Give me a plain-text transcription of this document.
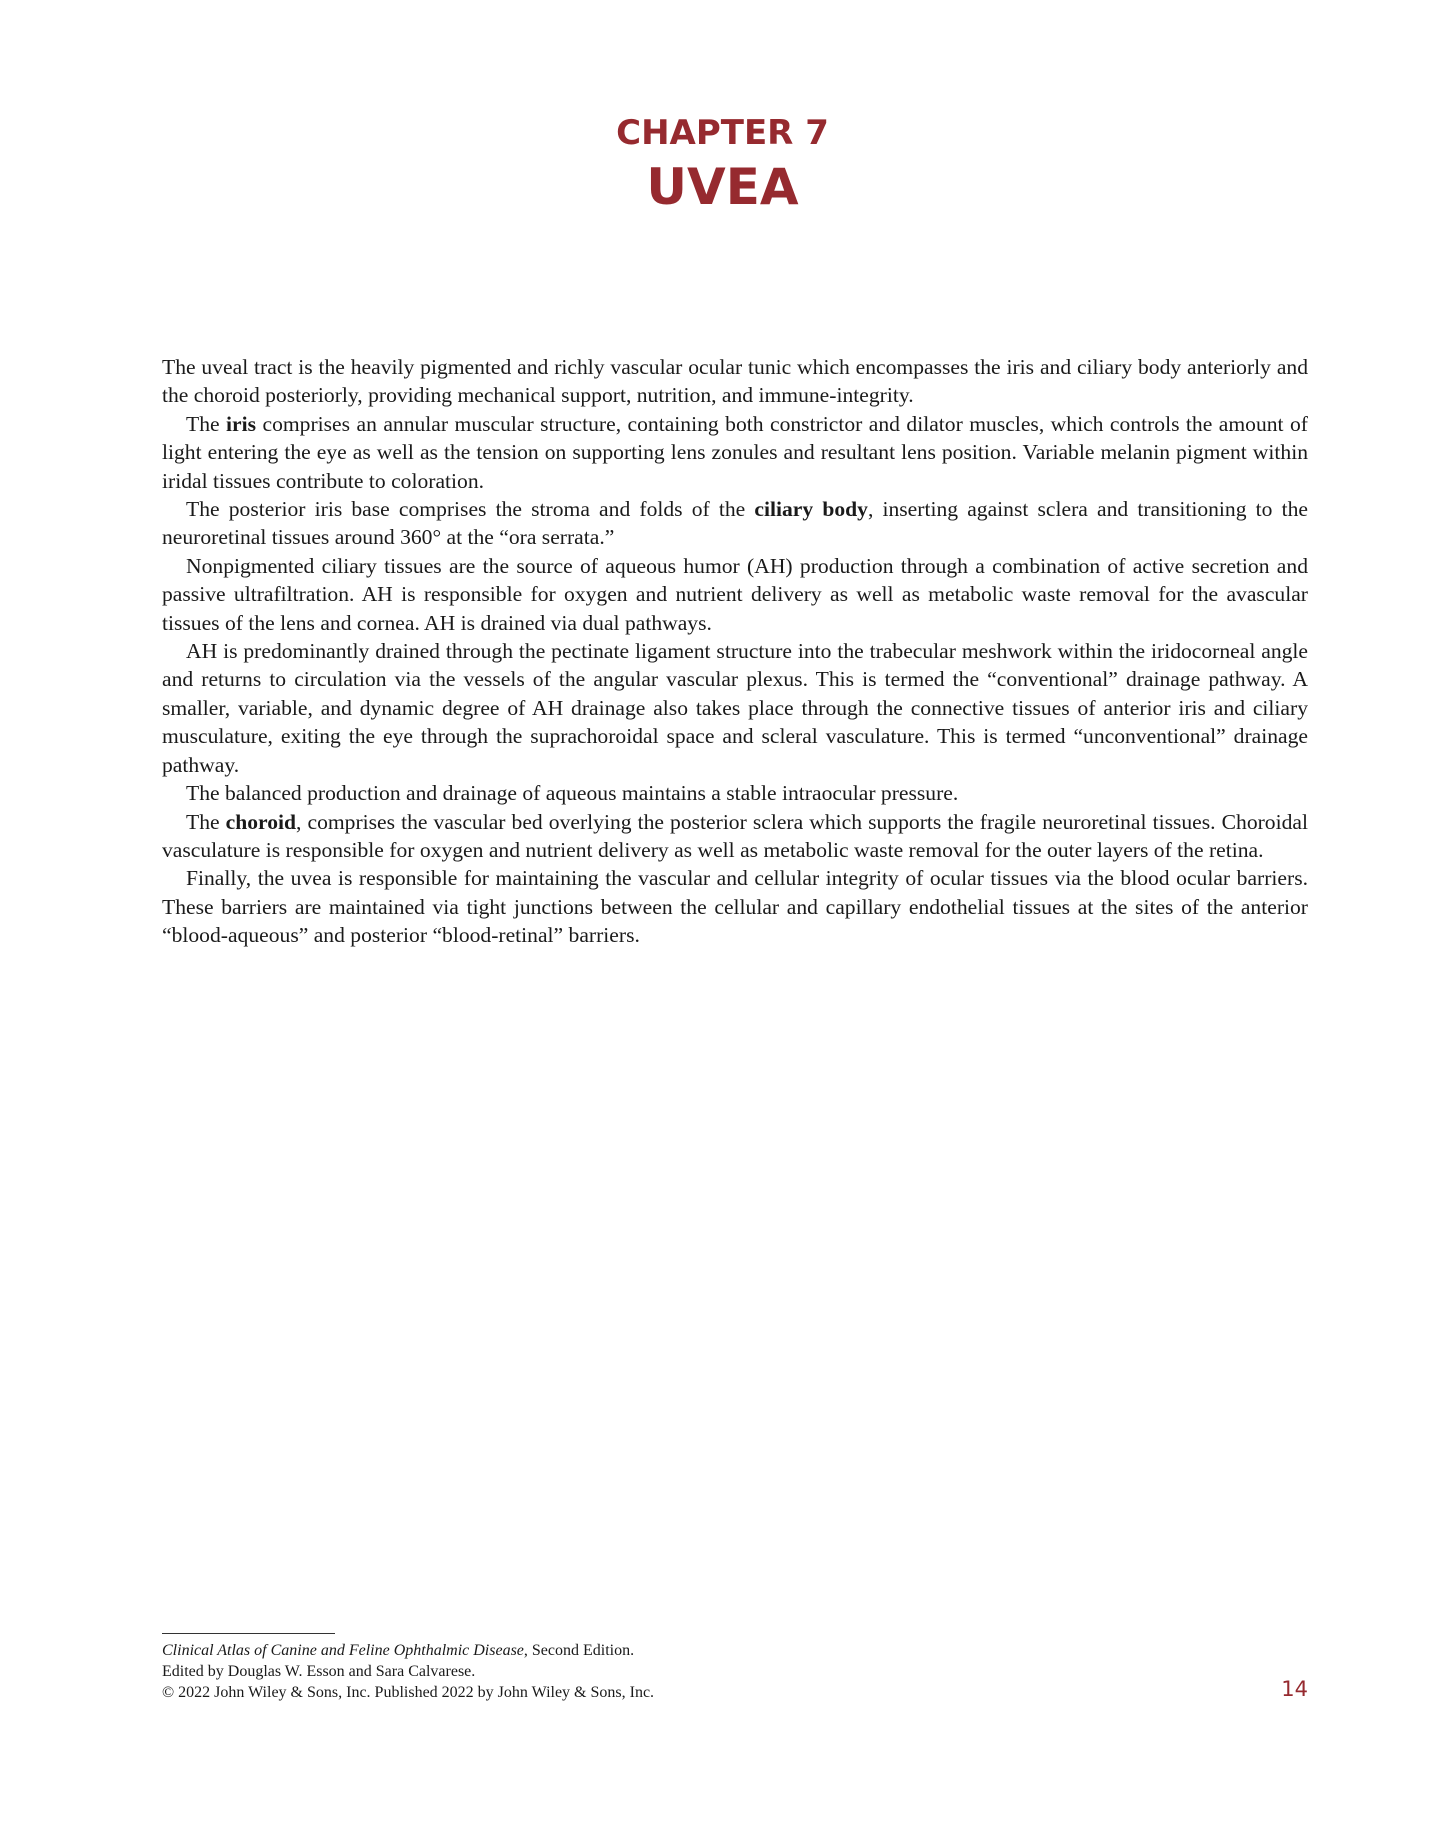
CHAPTER 7
UVEA

The uveal tract is the heavily pigmented and richly vascular ocular tunic which encompasses the iris and ciliary body anteriorly and the choroid posteriorly, providing mechanical support, nutrition, and immune-integrity.

The iris comprises an annular muscular structure, containing both constrictor and dilator muscles, which controls the amount of light entering the eye as well as the tension on supporting lens zonules and resultant lens position. Variable melanin pigment within iridal tissues contribute to coloration.

The posterior iris base comprises the stroma and folds of the ciliary body, inserting against sclera and transitioning to the neuroretinal tissues around 360° at the “ora serrata.”

Nonpigmented ciliary tissues are the source of aqueous humor (AH) production through a combination of active secretion and passive ultrafiltration. AH is responsible for oxygen and nutrient delivery as well as metabolic waste removal for the avascular tissues of the lens and cornea. AH is drained via dual pathways.

AH is predominantly drained through the pectinate ligament structure into the trabecular meshwork within the iridocorneal angle and returns to circulation via the vessels of the angular vascular plexus. This is termed the “conventional” drainage pathway. A smaller, variable, and dynamic degree of AH drainage also takes place through the connective tissues of anterior iris and ciliary musculature, exiting the eye through the suprachoroidal space and scleral vasculature. This is termed “unconventional” drainage pathway.

The balanced production and drainage of aqueous maintains a stable intraocular pressure.

The choroid, comprises the vascular bed overlying the posterior sclera which supports the fragile neuroretinal tissues. Choroidal vasculature is responsible for oxygen and nutrient delivery as well as metabolic waste removal for the outer layers of the retina.

Finally, the uvea is responsible for maintaining the vascular and cellular integrity of ocular tissues via the blood ocular barriers. These barriers are maintained via tight junctions between the cellular and capillary endothelial tissues at the sites of the anterior “blood-aqueous” and posterior “blood-retinal” barriers.

Clinical Atlas of Canine and Feline Ophthalmic Disease, Second Edition.
Edited by Douglas W. Esson and Sara Calvarese.
© 2022 John Wiley & Sons, Inc. Published 2022 by John Wiley & Sons, Inc.	14
